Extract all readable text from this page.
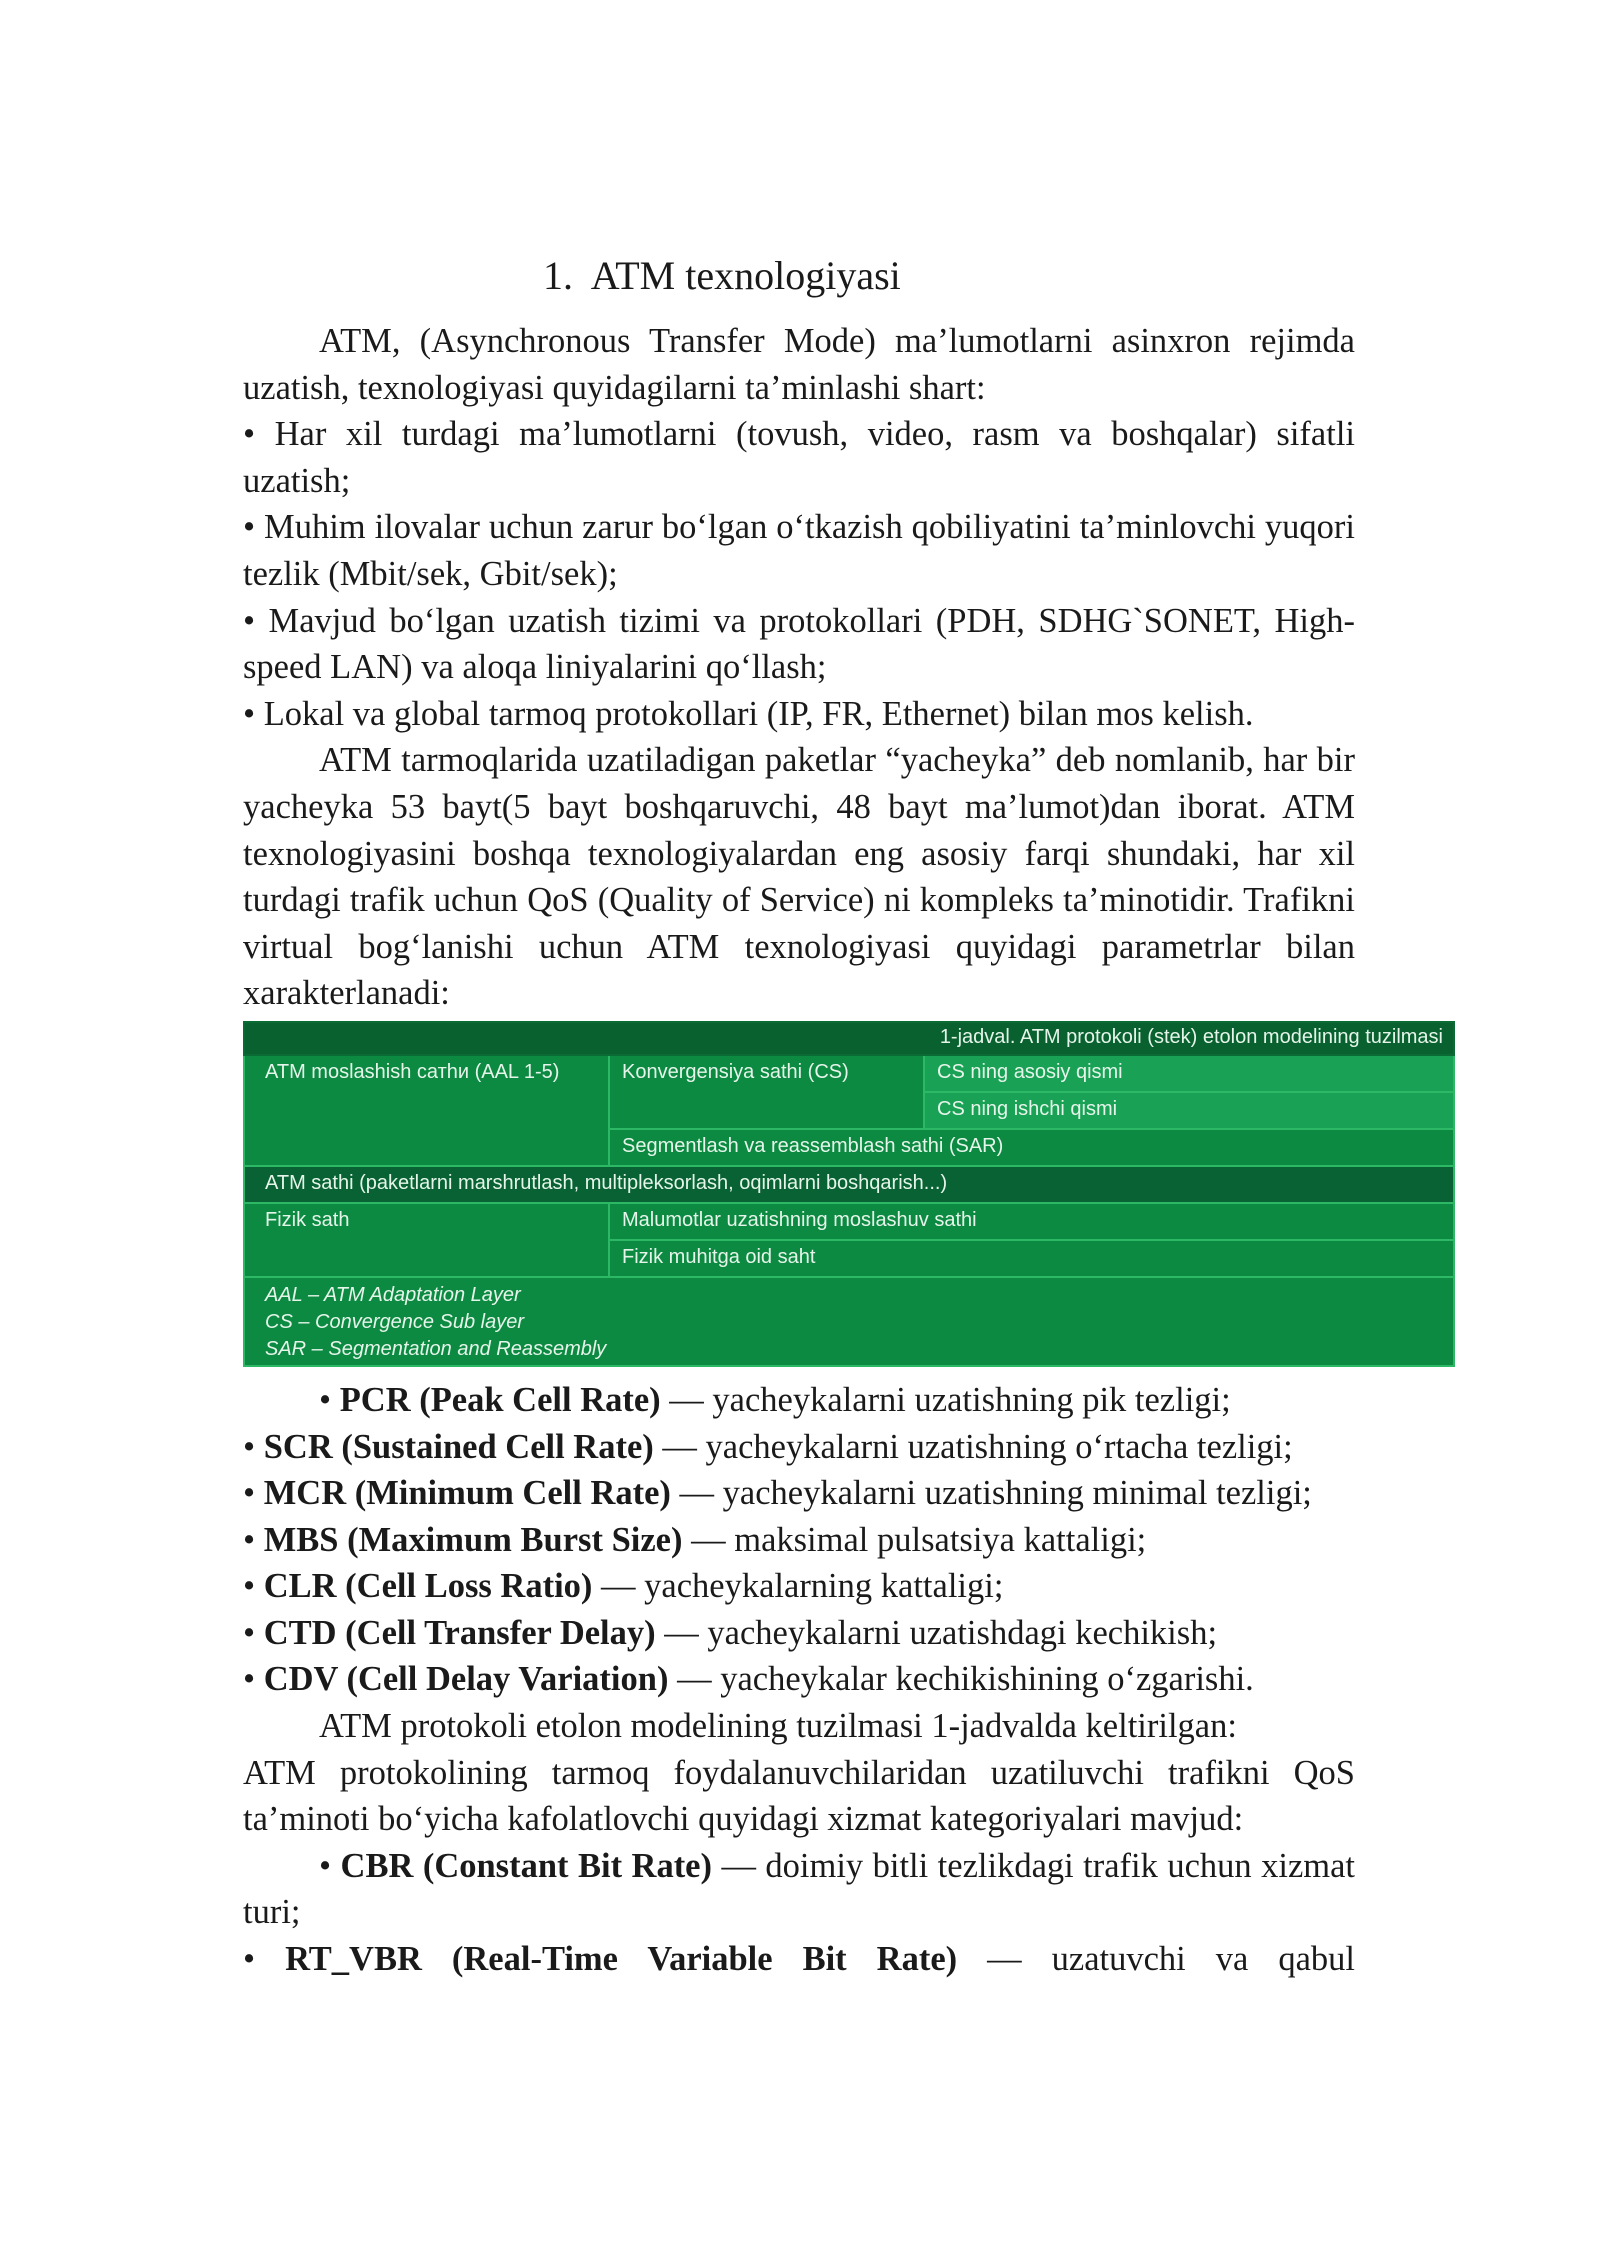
1. ATM texnologiyasi

ATM, (Asynchronous Transfer Mode) ma’lumotlarni asinxron rejimda uzatish, texnologiyasi quyidagilarni ta’minlashi shart:

• Har xil turdagi ma’lumotlarni (tovush, video, rasm va boshqalar) sifatli uzatish;

• Muhim ilovalar uchun zarur bo‘lgan o‘tkazish qobiliyatini ta’minlovchi yuqori tezlik (Mbit/sek, Gbit/sek);

• Mavjud bo‘lgan uzatish tizimi va protokollari (PDH, SDHG`SONET, High-speed LAN) va aloqa liniyalarini qo‘llash;

• Lokal va global tarmoq protokollari (IP, FR, Ethernet) bilan mos kelish.

ATM tarmoqlarida uzatiladigan paketlar “yacheyka” deb nomlanib, har bir yacheyka 53 bayt(5 bayt boshqaruvchi, 48 bayt ma’lumot)dan iborat. ATM texnologiyasini boshqa texnologiyalardan eng asosiy farqi shundaki, har xil turdagi trafik uchun QoS (Quality of Service) ni kompleks ta’minotidir. Trafikni virtual bog‘lanishi uchun ATM texnologiyasi quyidagi parametrlar bilan xarakterlanadi:

1-jadval. ATM protokoli (stek) etolon modelining tuzilmasi		
ATM moslashish сатhи (AAL 1-5)	Konvergensiya sathi (CS)	CS ning asosiy qismi
		CS ning ishchi qismi
	Segmentlash va reassemblash sathi (SAR)	
ATM sathi (paketlarni marshrutlash, multipleksorlash, oqimlarni boshqarish...)		
Fizik sath	Malumotlar uzatishning moslashuv sathi	
	Fizik muhitga oid saht	

AAL – ATM Adaptation Layer
CS – Convergence Sub layer
SAR – Segmentation and Reassembly		

• PCR (Peak Cell Rate) — yacheykalarni uzatishning pik tezligi;

• SCR (Sustained Cell Rate) — yacheykalarni uzatishning o‘rtacha tezligi;

• MCR (Minimum Cell Rate) — yacheykalarni uzatishning minimal tezligi;

• MBS (Maximum Burst Size) — maksimal pulsatsiya kattaligi;

• CLR (Cell Loss Ratio) — yacheykalarning kattaligi;

• CTD (Cell Transfer Delay) — yacheykalarni uzatishdagi kechikish;

• CDV (Cell Delay Variation) — yacheykalar kechikishining o‘zgarishi.

ATM protokoli etolon modelining tuzilmasi 1-jadvalda keltirilgan:

ATM protokolining tarmoq foydalanuvchilaridan uzatiluvchi trafikni QoS ta’minoti bo‘yicha kafolatlovchi quyidagi xizmat kategoriyalari mavjud:

• CBR (Constant Bit Rate) — doimiy bitli tezlikdagi trafik uchun xizmat turi;

• RT_VBR (Real-Time Variable Bit Rate) — uzatuvchi va qabul
